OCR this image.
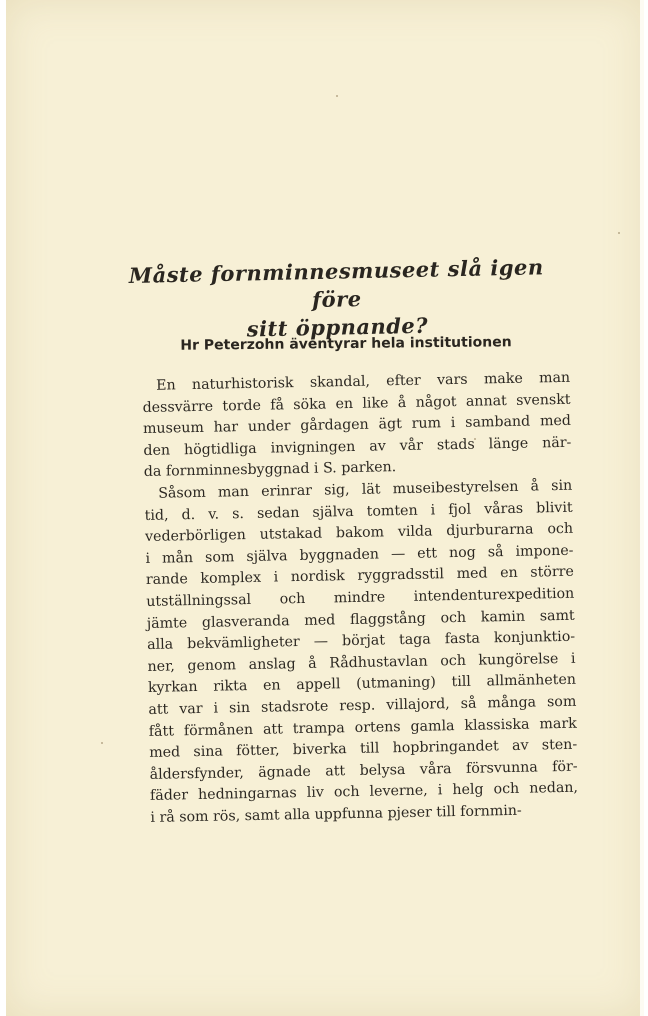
Måste fornminnesmuseet slå igen före
sitt öppnande?
Hr Peterzohn äventyrar hela institutionen
En naturhistorisk skandal, efter vars make man
dessvärre torde få söka en like å något annat svenskt
museum har under gårdagen ägt rum i samband med
den högtidliga invigningen av vår stads länge när-
da fornminnesbyggnad i S. parken.
Såsom man erinrar sig, lät museibestyrelsen å sin
tid, d. v. s. sedan själva tomten i fjol våras blivit
vederbörligen utstakad bakom vilda djurburarna och
i mån som själva byggnaden — ett nog så impone-
rande komplex i nordisk ryggradsstil med en större
utställningssal och mindre intendenturexpedition
jämte glasveranda med flaggstång och kamin samt
alla bekvämligheter — börjat taga fasta konjunktio-
ner, genom anslag å Rådhustavlan och kungörelse i
kyrkan rikta en appell (utmaning) till allmänheten
att var i sin stadsrote resp. villajord, så många som
fått förmånen att trampa ortens gamla klassiska mark
med sina fötter, biverka till hopbringandet av sten-
åldersfynder, ägnade att belysa våra försvunna för-
fäder hedningarnas liv och leverne, i helg och nedan,
i rå som rös, samt alla uppfunna pjeser till fornmin-
